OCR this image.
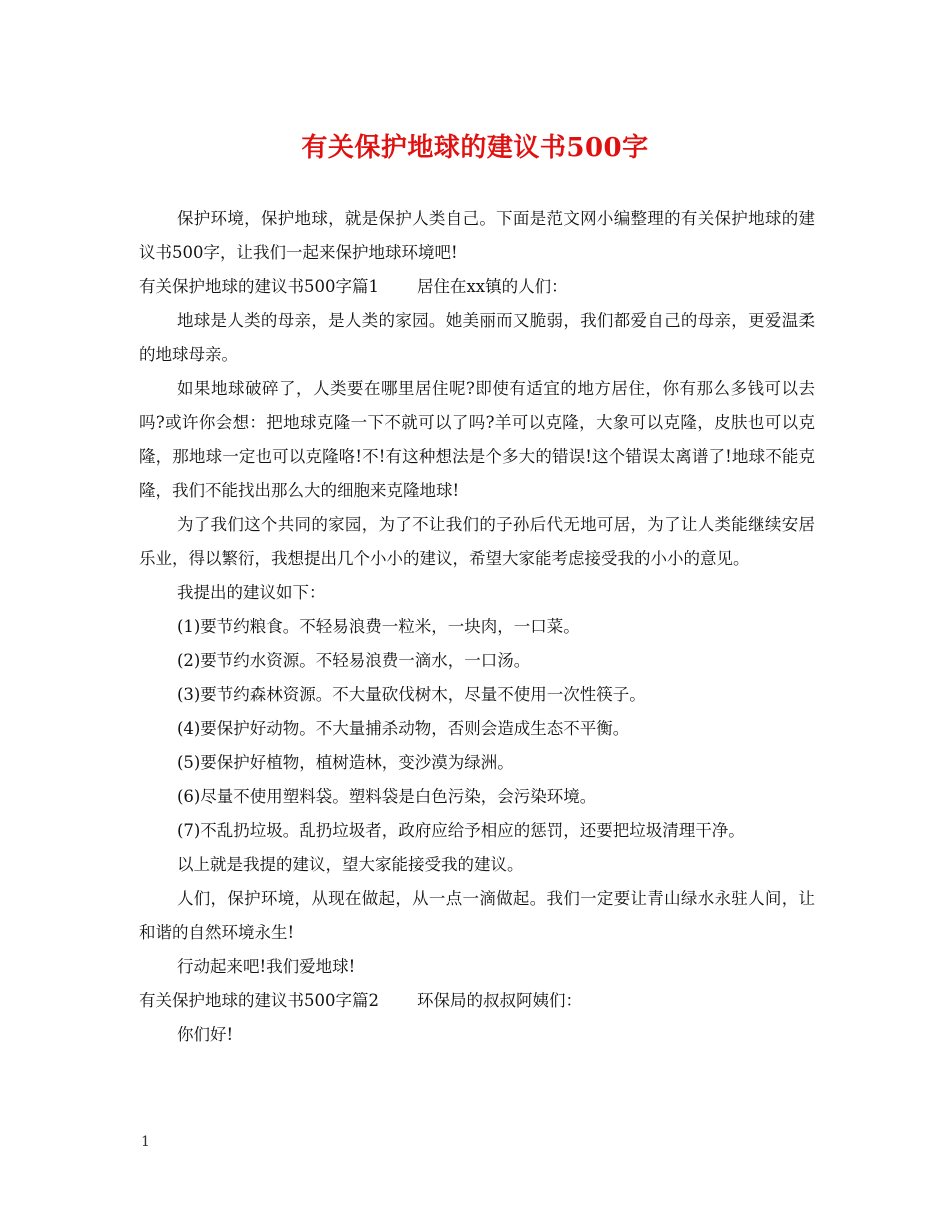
有关保护地球的建议书500字

保护环境，保护地球，就是保护人类自己。下面是范文网小编整理的有关保护地球的建议书500字，让我们一起来保护地球环境吧!

有关保护地球的建议书500字篇1 居住在xx镇的人们：

地球是人类的母亲，是人类的家园。她美丽而又脆弱，我们都爱自己的母亲，更爱温柔的地球母亲。

如果地球破碎了，人类要在哪里居住呢?即使有适宜的地方居住，你有那么多钱可以去吗?或许你会想：把地球克隆一下不就可以了吗?羊可以克隆，大象可以克隆，皮肤也可以克隆，那地球一定也可以克隆咯!不!有这种想法是个多大的错误!这个错误太离谱了!地球不能克隆，我们不能找出那么大的细胞来克隆地球!

为了我们这个共同的家园，为了不让我们的子孙后代无地可居，为了让人类能继续安居乐业，得以繁衍，我想提出几个小小的建议，希望大家能考虑接受我的小小的意见。

我提出的建议如下：

(1)要节约粮食。不轻易浪费一粒米，一块肉，一口菜。

(2)要节约水资源。不轻易浪费一滴水，一口汤。

(3)要节约森林资源。不大量砍伐树木，尽量不使用一次性筷子。

(4)要保护好动物。不大量捕杀动物，否则会造成生态不平衡。

(5)要保护好植物，植树造林，变沙漠为绿洲。

(6)尽量不使用塑料袋。塑料袋是白色污染，会污染环境。

(7)不乱扔垃圾。乱扔垃圾者，政府应给予相应的惩罚，还要把垃圾清理干净。

以上就是我提的建议，望大家能接受我的建议。

人们，保护环境，从现在做起，从一点一滴做起。我们一定要让青山绿水永驻人间，让和谐的自然环境永生!

行动起来吧!我们爱地球!

有关保护地球的建议书500字篇2 环保局的叔叔阿姨们：

你们好!

1
